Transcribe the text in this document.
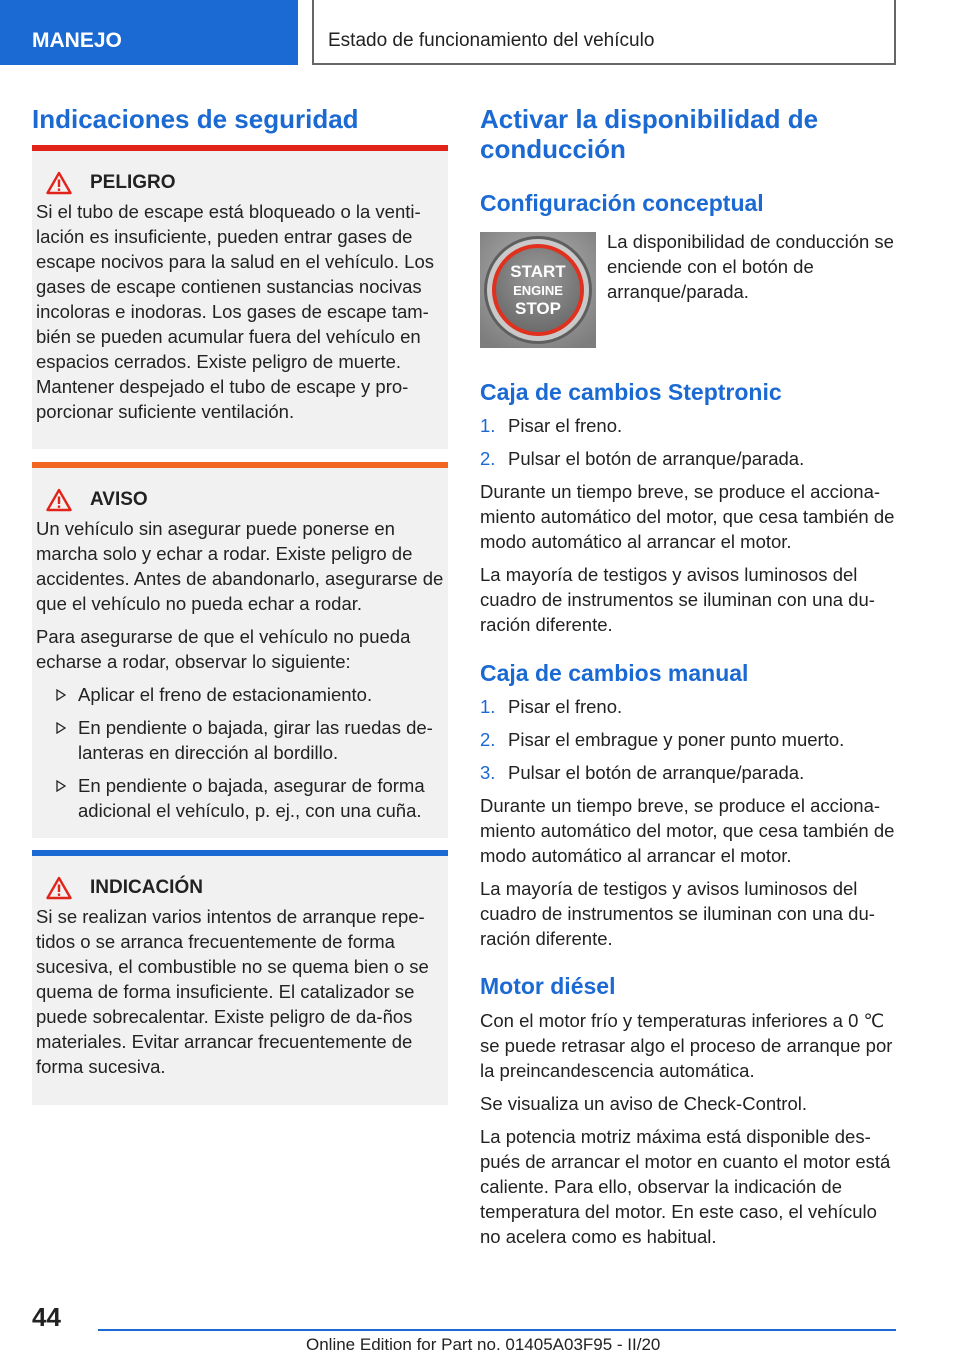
MANEJO	Estado de funcionamiento del vehículo
Indicaciones de seguridad
PELIGRO
Si el tubo de escape está bloqueado o la venti-lación es insuficiente, pueden entrar gases de escape nocivos para la salud en el vehículo. Los gases de escape contienen sustancias nocivas incoloras e inodoras. Los gases de escape tam-bién se pueden acumular fuera del vehículo en espacios cerrados. Existe peligro de muerte. Mantener despejado el tubo de escape y pro-porcionar suficiente ventilación.
AVISO
Un vehículo sin asegurar puede ponerse en marcha solo y echar a rodar. Existe peligro de accidentes. Antes de abandonarlo, asegurarse de que el vehículo no pueda echar a rodar.
Para asegurarse de que el vehículo no pueda echarse a rodar, observar lo siguiente:
Aplicar el freno de estacionamiento.
En pendiente o bajada, girar las ruedas de-lanteras en dirección al bordillo.
En pendiente o bajada, asegurar de forma adicional el vehículo, p. ej., con una cuña.
INDICACIÓN
Si se realizan varios intentos de arranque repe-tidos o se arranca frecuentemente de forma sucesiva, el combustible no se quema bien o se quema de forma insuficiente. El catalizador se puede sobrecalentar. Existe peligro de da-ños materiales. Evitar arrancar frecuentemente de forma sucesiva.
Activar la disponibilidad de conducción
Configuración conceptual
START
ENGINE
STOP
La disponibilidad de conducción se enciende con el botón de arranque/parada.
Caja de cambios Steptronic
1. Pisar el freno.
2. Pulsar el botón de arranque/parada.
Durante un tiempo breve, se produce el acciona-miento automático del motor, que cesa también de modo automático al arrancar el motor.
La mayoría de testigos y avisos luminosos del cuadro de instrumentos se iluminan con una du-ración diferente.
Caja de cambios manual
1. Pisar el freno.
2. Pisar el embrague y poner punto muerto.
3. Pulsar el botón de arranque/parada.
Durante un tiempo breve, se produce el acciona-miento automático del motor, que cesa también de modo automático al arrancar el motor.
La mayoría de testigos y avisos luminosos del cuadro de instrumentos se iluminan con una du-ración diferente.
Motor diésel
Con el motor frío y temperaturas inferiores a 0 ℃ se puede retrasar algo el proceso de arranque por la preincandescencia automática.
Se visualiza un aviso de Check-Control.
La potencia motriz máxima está disponible des-pués de arrancar el motor en cuanto el motor está caliente. Para ello, observar la indicación de temperatura del motor. En este caso, el vehículo no acelera como es habitual.
44
Online Edition for Part no. 01405A03F95 - II/20
